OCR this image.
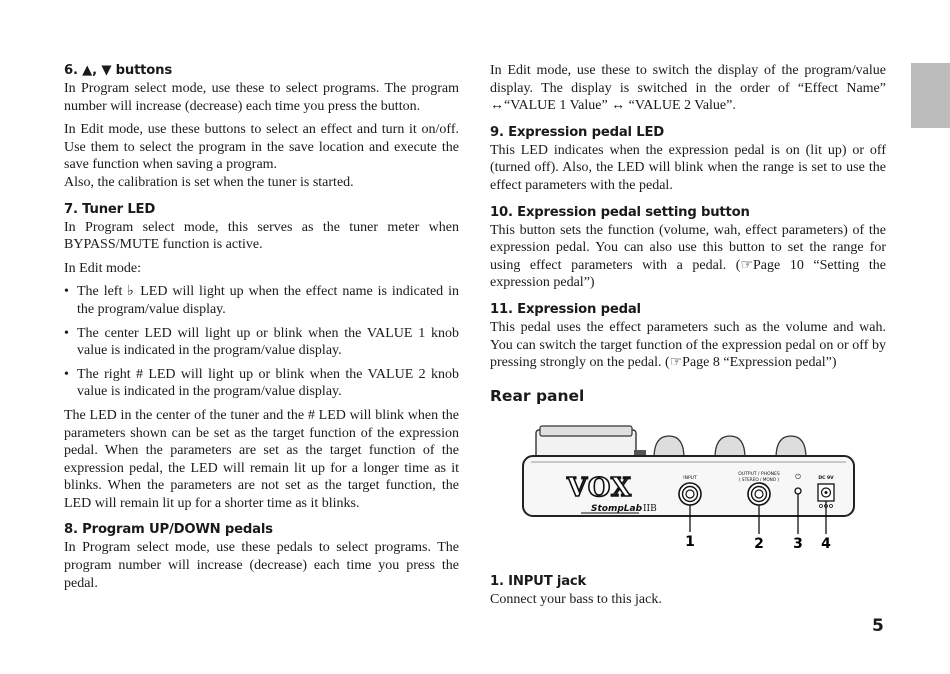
6. ▲, ▼ buttons

In Program select mode, use these to select programs. The program number will increase (decrease) each time you press the button.

In Edit mode, use these buttons to select an effect and turn it on/off. Use them to select the program in the save location and execute the save function when saving a program.

Also, the calibration is set when the tuner is started.

7. Tuner LED

In Program select mode, this serves as the tuner meter when BYPASS/MUTE function is active.

In Edit mode:

• The left ♭ LED will light up when the effect name is indicated in the program/value display.
• The center LED will light up or blink when the VALUE 1 knob value is indicated in the program/value display.
• The right # LED will light up or blink when the VALUE 2 knob value is indicated in the program/value display.

The LED in the center of the tuner and the # LED will blink when the parameters shown can be set as the target function of the expression pedal. When the parameters are set as the target function of the expression pedal, the LED will remain lit up for a longer time as it blinks. When the parameters are not set as the target function, the LED will remain lit up for a shorter time as it blinks.

8. Program UP/DOWN pedals

In Program select mode, use these pedals to select programs. The program number will increase (decrease) each time you press the pedal.

In Edit mode, use these to switch the display of the program/value display. The display is switched in the order of “Effect Name” ↔“VALUE 1 Value” ↔ “VALUE 2 Value”.

9. Expression pedal LED

This LED indicates when the expression pedal is on (lit up) or off (turned off). Also, the LED will blink when the range is set to use the effect parameters with the pedal.

10. Expression pedal setting button

This button sets the function (volume, wah, effect parameters) of the expression pedal. You can also use this button to set the range for using effect parameters with a pedal. (☞Page 10 “Setting the expression pedal”)

11. Expression pedal

This pedal uses the effect parameters such as the volume and wah. You can switch the target function of the expression pedal on or off by pressing strongly on the pedal. (☞Page 8 “Expression pedal”)

Rear panel
VOX
StompLab IIB
INPUT
OUTPUT / PHONES
( STEREO / MONO ) ⏻	DC 9V
1	2 3 4
1. INPUT jack

Connect your bass to this jack.

5
